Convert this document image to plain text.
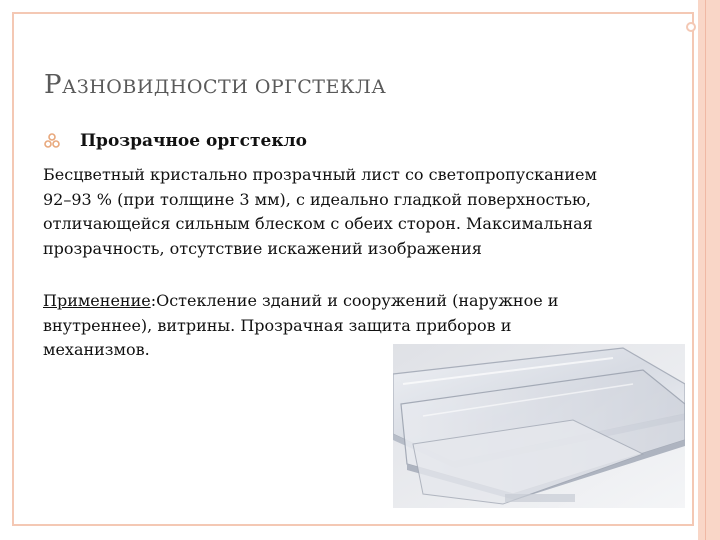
РАЗНОВИДНОСТИ ОРГСТЕКЛА
Прозрачное оргстекло
Бесцветный кристально прозрачный лист со светопропусканием 92–93 % (при толщине 3 мм), с идеально гладкой поверхностью, отличающейся сильным блеском с обеих сторон. Максимальная прозрачность, отсутствие искажений изображения
Применение:Остекление зданий и сооружений (наружное и внутреннее), витрины. Прозрачная защита приборов и механизмов.
